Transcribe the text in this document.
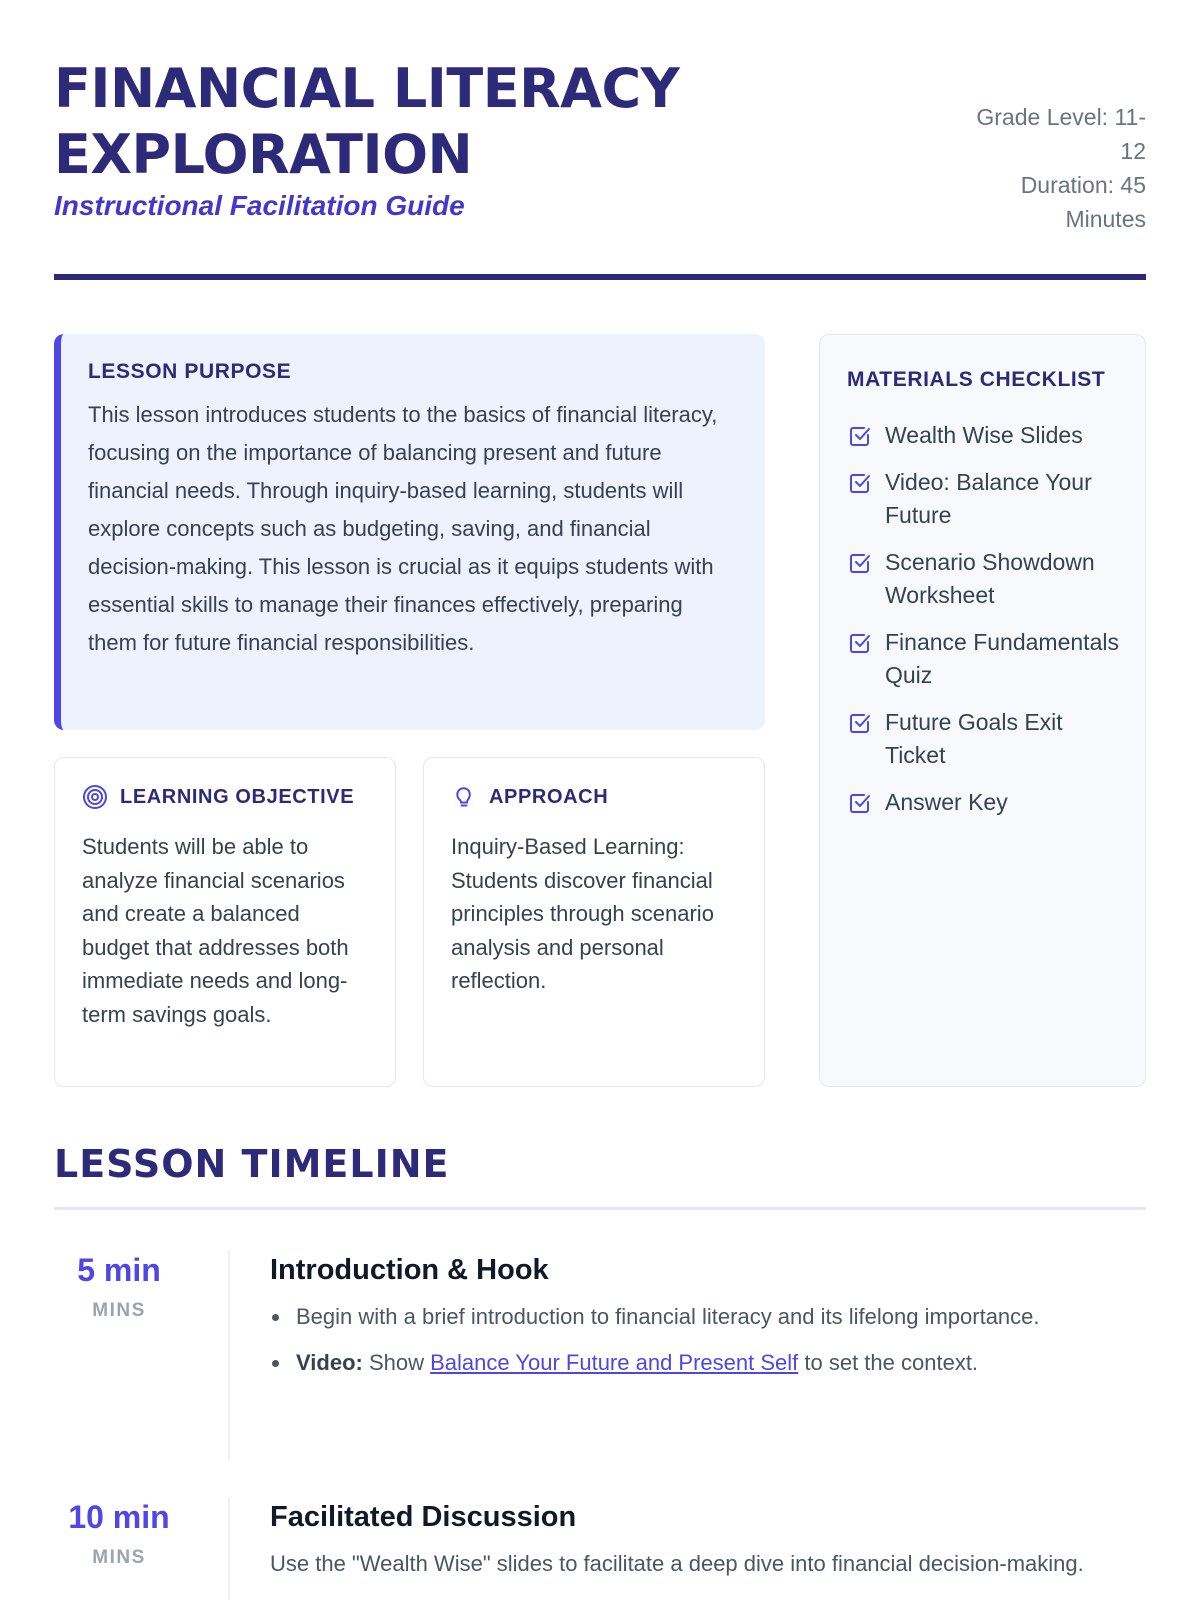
FINANCIAL LITERACY EXPLORATION
Instructional Facilitation Guide
Grade Level: 11-12
Duration: 45 Minutes
LESSON PURPOSE

This lesson introduces students to the basics of financial literacy, focusing on the importance of balancing present and future financial needs. Through inquiry-based learning, students will explore concepts such as budgeting, saving, and financial decision-making. This lesson is crucial as it equips students with essential skills to manage their finances effectively, preparing them for future financial responsibilities.

LEARNING OBJECTIVE

Students will be able to analyze financial scenarios and create a balanced budget that addresses both immediate needs and long-term savings goals.

APPROACH

Inquiry-Based Learning: Students discover financial principles through scenario analysis and personal reflection.

MATERIALS CHECKLIST
Wealth Wise Slides
Video: Balance Your Future
Scenario Showdown Worksheet
Finance Fundamentals Quiz
Future Goals Exit Ticket
Answer Key
LESSON TIMELINE
5 min
MINS
Introduction & Hook
Begin with a brief introduction to financial literacy and its lifelong importance.
Video: Show Balance Your Future and Present Self to set the context.
10 min
MINS
Facilitated Discussion

Use the "Wealth Wise" slides to facilitate a deep dive into financial decision-making.
